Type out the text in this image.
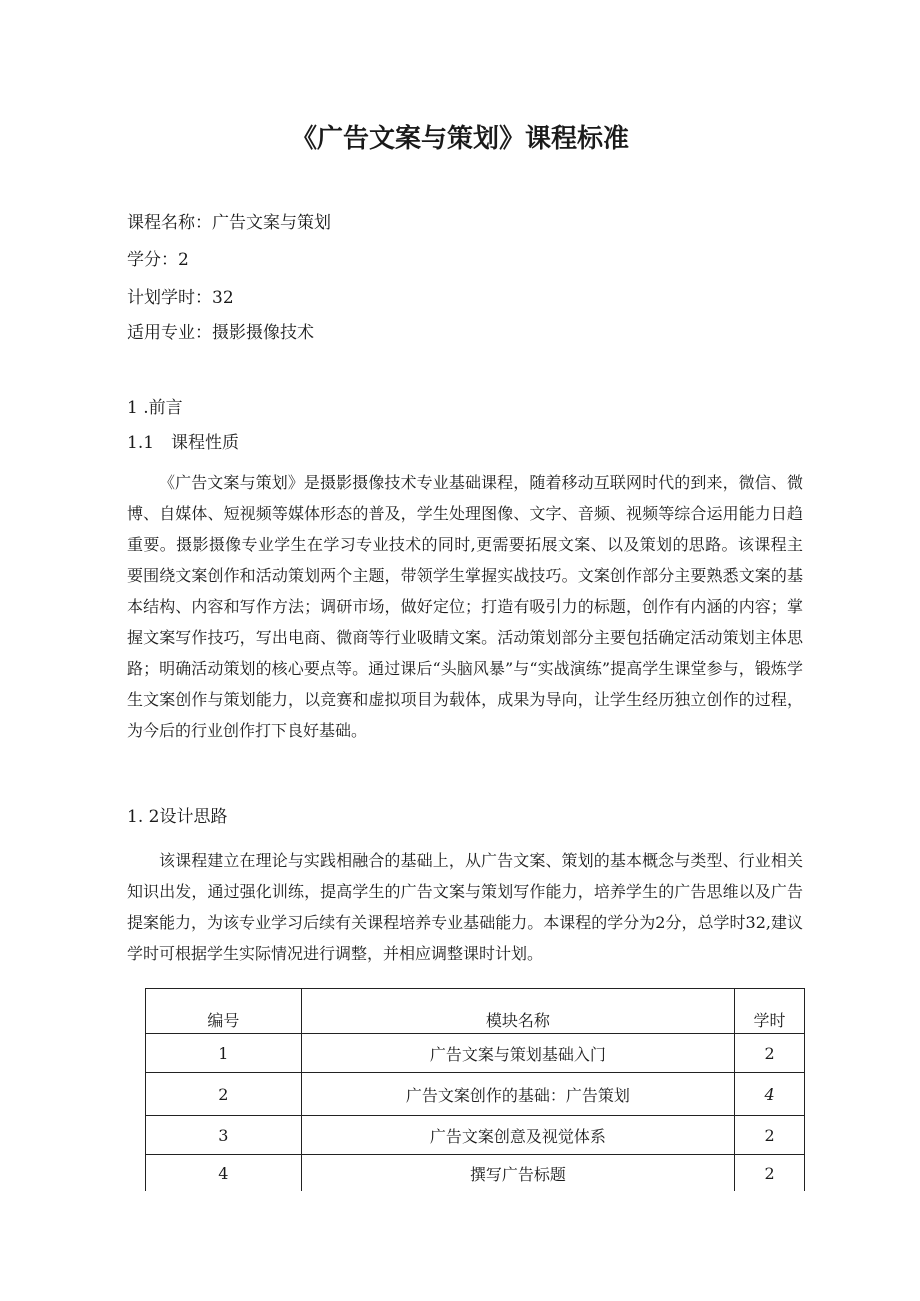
《广告文案与策划》课程标准
课程名称：广告文案与策划
学分：2
计划学时：32
适用专业：摄影摄像技术
1 .前言
1.1　课程性质
《广告文案与策划》是摄影摄像技术专业基础课程，随着移动互联网时代的到来，微信、微博、自媒体、短视频等媒体形态的普及，学生处理图像、文字、音频、视频等综合运用能力日趋重要。摄影摄像专业学生在学习专业技术的同时,更需要拓展文案、以及策划的思路。该课程主要围绕文案创作和活动策划两个主题，带领学生掌握实战技巧。文案创作部分主要熟悉文案的基本结构、内容和写作方法；调研市场，做好定位；打造有吸引力的标题，创作有内涵的内容；掌握文案写作技巧，写出电商、微商等行业吸睛文案。活动策划部分主要包括确定活动策划主体思路；明确活动策划的核心要点等。通过课后“头脑风暴”与“实战演练”提高学生课堂参与，锻炼学生文案创作与策划能力，以竞赛和虚拟项目为载体，成果为导向，让学生经历独立创作的过程，为今后的行业创作打下良好基础。
1. 2设计思路
该课程建立在理论与实践相融合的基础上，从广告文案、策划的基本概念与类型、行业相关知识出发，通过强化训练，提高学生的广告文案与策划写作能力，培养学生的广告思维以及广告提案能力，为该专业学习后续有关课程培养专业基础能力。本课程的学分为2分，总学时32,建议学时可根据学生实际情况进行调整，并相应调整课时计划。
编号	模块名称	学时
1	广告文案与策划基础入门	2
2	广告文案创作的基础：广告策划	4
3	广告文案创意及视觉体系	2
4	撰写广告标题	2
